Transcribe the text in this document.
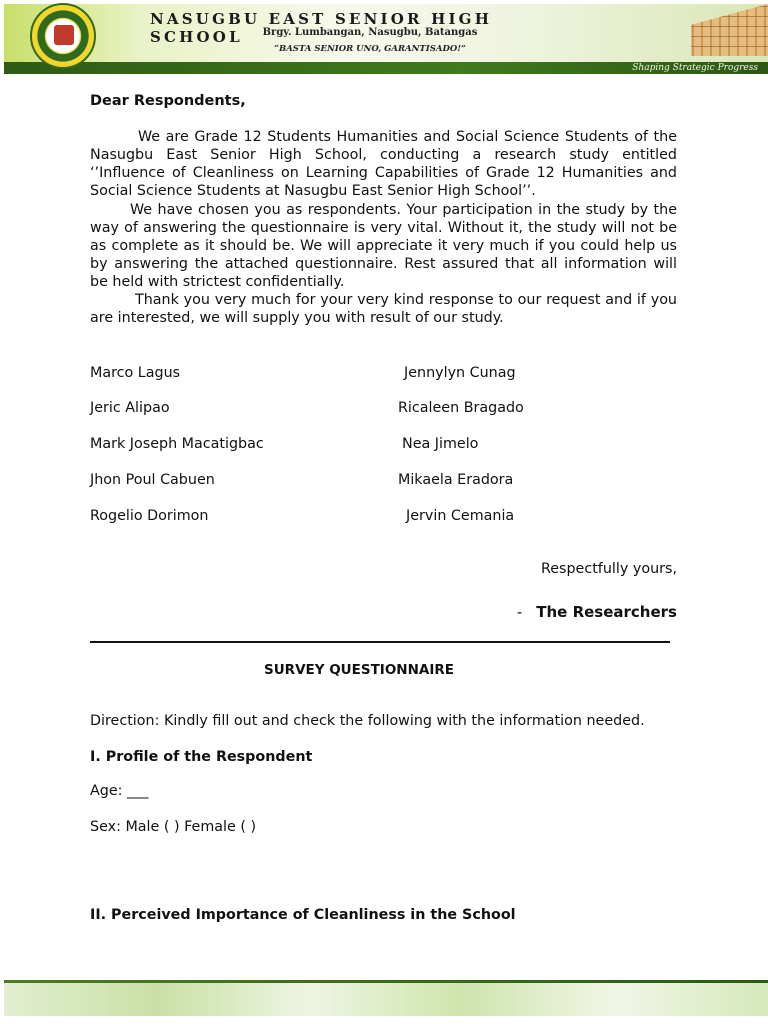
Shaping Strategic Progress
NASUGBU EAST SENIOR HIGH SCHOOL	Brgy. Lumbangan, Nasugbu, Batangas
“BASTA SENIOR UNO, GARANTISADO!”
Dear Respondents,

We are Grade 12 Students Humanities and Social Science Students of the Nasugbu East Senior High School, conducting a research study entitled ‘’Influence of Cleanliness on Learning Capabilities of Grade 12 Humanities and Social Science Students at Nasugbu East Senior High School’’.

We have chosen you as respondents. Your participation in the study by the way of answering the questionnaire is very vital. Without it, the study will not be as complete as it should be. We will appreciate it very much if you could help us by answering the attached questionnaire. Rest assured that all information will be held with strictest confidentially.

Thank you very much for your very kind response to our request and if you are interested, we will supply you with result of our study.

Marco Lagus
Jeric Alipao
Mark Joseph Macatigbac
Jhon Poul Cabuen
Rogelio Dorimon
Jennylyn Cunag
Ricaleen Bragado
Nea Jimelo
Mikaela Eradora
Jervin Cemania
Respectfully yours,
- The Researchers
SURVEY QUESTIONNAIRE
Direction: Kindly fill out and check the following with the information needed.
I. Profile of the Respondent
Age: ___
Sex: Male ( ) Female ( )
II. Perceived Importance of Cleanliness in the School
